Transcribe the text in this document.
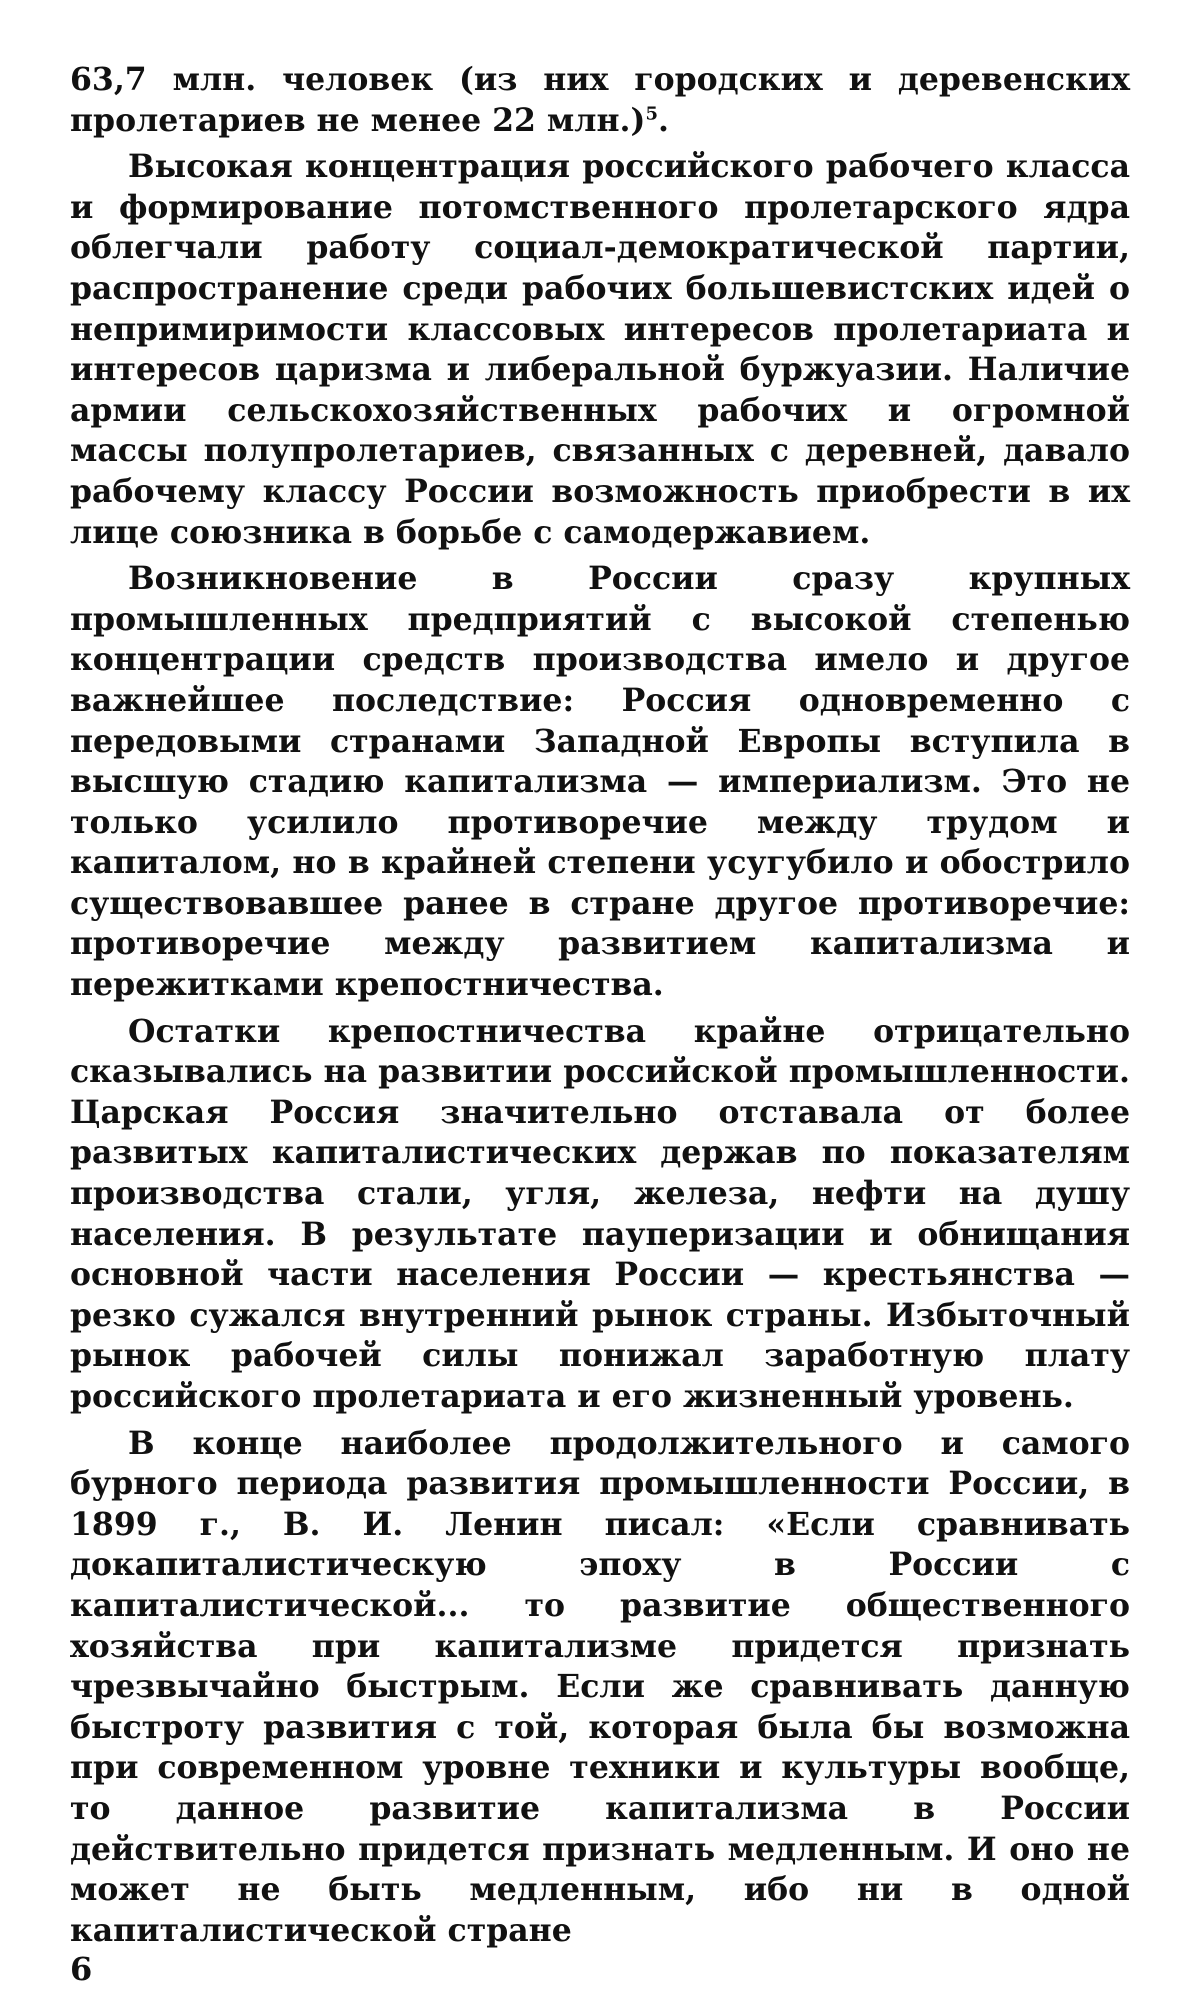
63,7 млн. человек (из них городских и деревенских пролетариев не менее 22 млн.)$^5$.

Высокая концентрация российского рабочего класса и формирование потомственного пролетарского ядра облегчали работу социал-демократической партии, распространение среди рабочих большевистских идей о непримиримости классовых интересов пролетариата и интересов царизма и либеральной буржуазии. Наличие армии сельскохозяйственных рабочих и огромной массы полупролетариев, связанных с деревней, давало рабочему классу России возможность приобрести в их лице союзника в борьбе с самодержавием.

Возникновение в России сразу крупных промышленных предприятий с высокой степенью концентрации средств производства имело и другое важнейшее последствие: Россия одновременно с передовыми странами Западной Европы вступила в высшую стадию капитализма — империализм. Это не только усилило противоречие между трудом и капиталом, но в крайней степени усугубило и обострило существовавшее ранее в стране другое противоречие: противоречие между развитием капитализма и пережитками крепостничества.

Остатки крепостничества крайне отрицательно сказывались на развитии российской промышленности. Царская Россия значительно отставала от более развитых капиталистических держав по показателям производства стали, угля, железа, нефти на душу населения. В результате пауперизации и обнищания основной части населения России — крестьянства — резко сужался внутренний рынок страны. Избыточный рынок рабочей силы понижал заработную плату российского пролетариата и его жизненный уровень.

В конце наиболее продолжительного и самого бурного периода развития промышленности России, в 1899 г., В. И. Ленин писал: «Если сравнивать докапиталистическую эпоху в России с капиталистической... то развитие общественного хозяйства при капитализме придется признать чрезвычайно быстрым. Если же сравнивать данную быстроту развития с той, которая была бы возможна при современном уровне техники и культуры вообще, то данное развитие капитализма в России действительно придется признать медленным. И оно не может не быть медленным, ибо ни в одной капиталистической стране

6
